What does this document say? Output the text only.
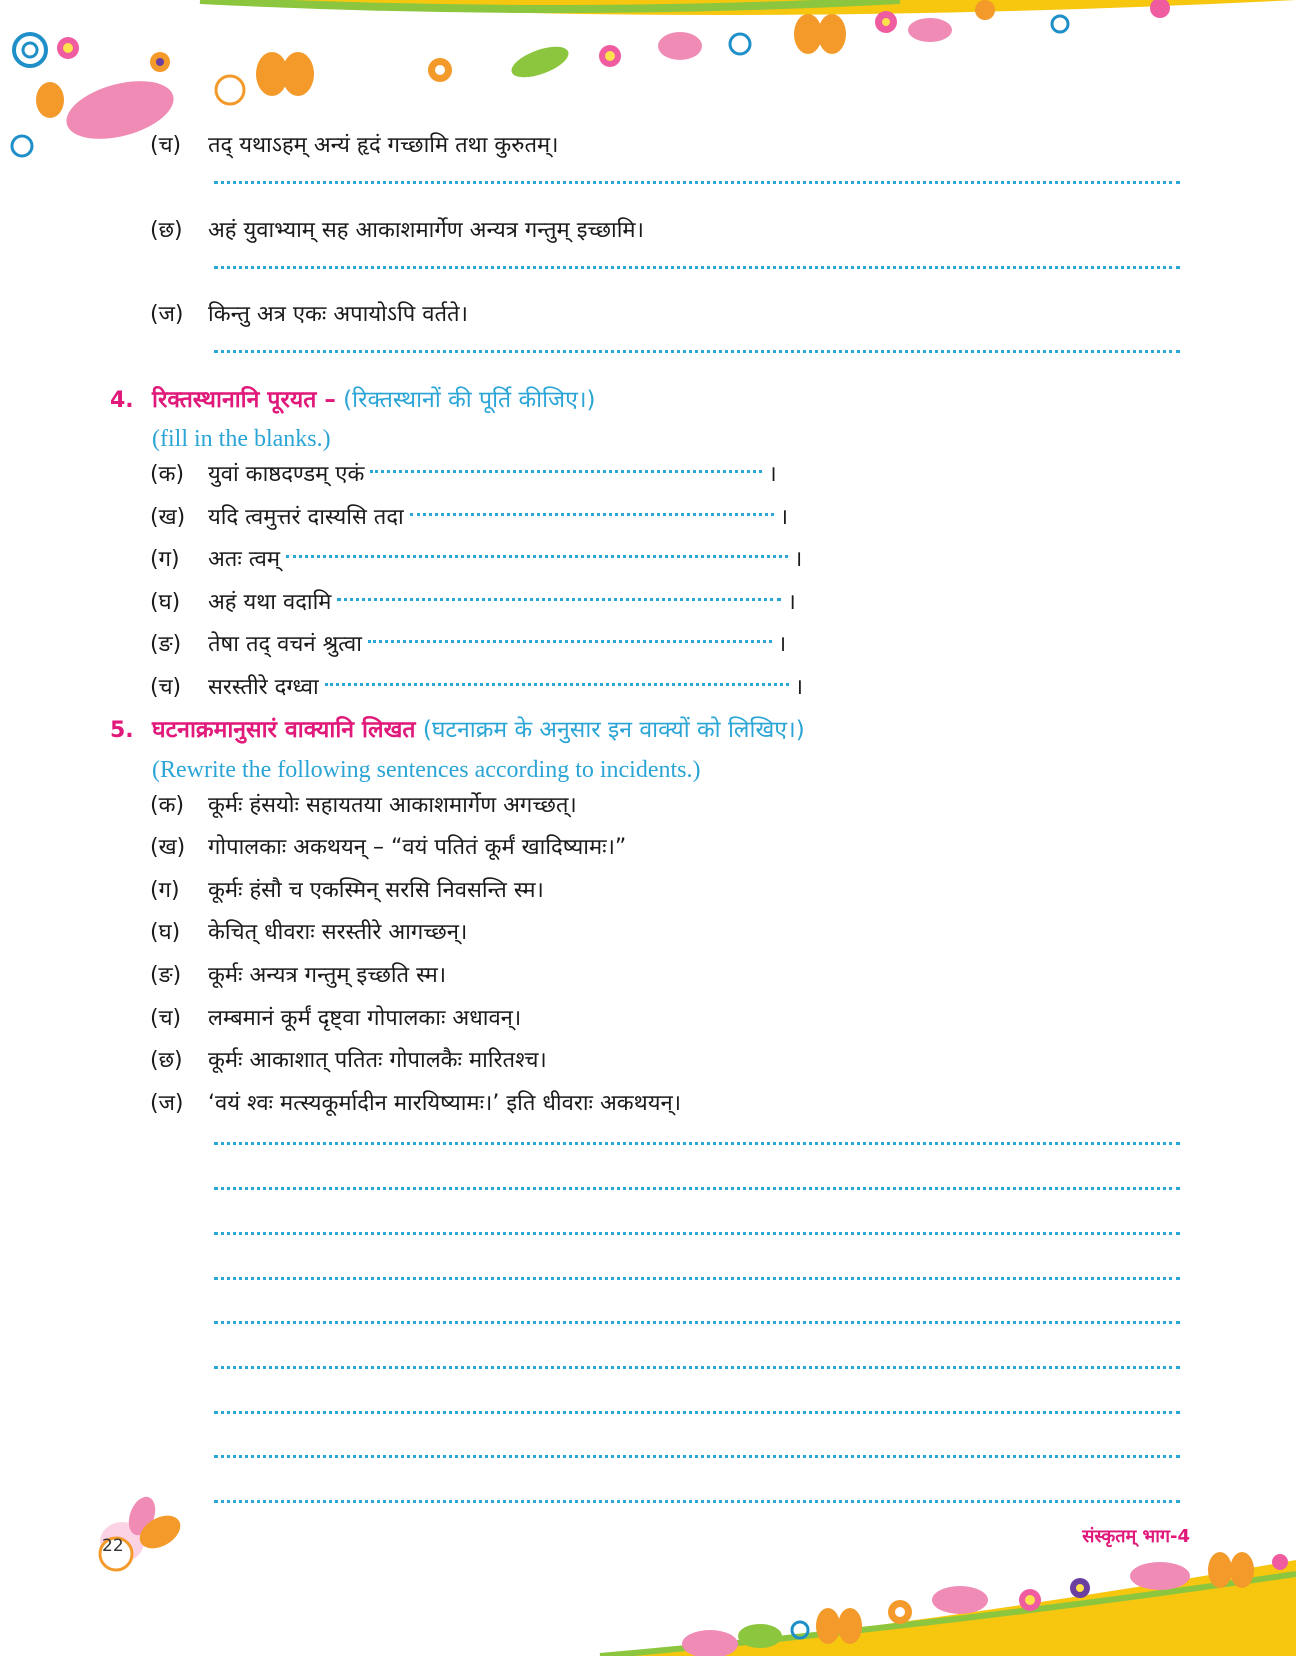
(च) तद् यथाऽहम् अन्यं हृदं गच्छामि तथा कुरुतम्।
(छ) अहं युवाभ्याम् सह आकाशमार्गेण अन्यत्र गन्तुम् इच्छामि।
(ज) किन्तु अत्र एकः अपायोऽपि वर्तते।
4. रिक्तस्थानानि पूरयत – (रिक्तस्थानों की पूर्ति कीजिए।)
(fill in the blanks.)
(क) युवां काष्ठदण्डम् एकं	।
(ख) यदि त्वमुत्तरं दास्यसि तदा	।
(ग) अतः त्वम्	।
(घ) अहं यथा वदामि	।
(ङ) तेषा तद् वचनं श्रुत्वा	।
(च) सरस्तीरे दग्ध्वा	।
5. घटनाक्रमानुसारं वाक्यानि लिखत (घटनाक्रम के अनुसार इन वाक्यों को लिखिए।)
(Rewrite the following sentences according to incidents.)
(क) कूर्मः हंसयोः सहायतया आकाशमार्गेण अगच्छत्।
(ख) गोपालकाः अकथयन् – “वयं पतितं कूर्मं खादिष्यामः।”
(ग) कूर्मः हंसौ च एकस्मिन् सरसि निवसन्ति स्म।
(घ) केचित् धीवराः सरस्तीरे आगच्छन्।
(ङ) कूर्मः अन्यत्र गन्तुम् इच्छति स्म।
(च) लम्बमानं कूर्मं दृष्ट्वा गोपालकाः अधावन्।
(छ) कूर्मः आकाशात् पतितः गोपालकैः मारितश्च।
(ज) ‘वयं श्वः मत्स्यकूर्मादीन मारयिष्यामः।’ इति धीवराः अकथयन्।
22	संस्कृतम् भाग-4
